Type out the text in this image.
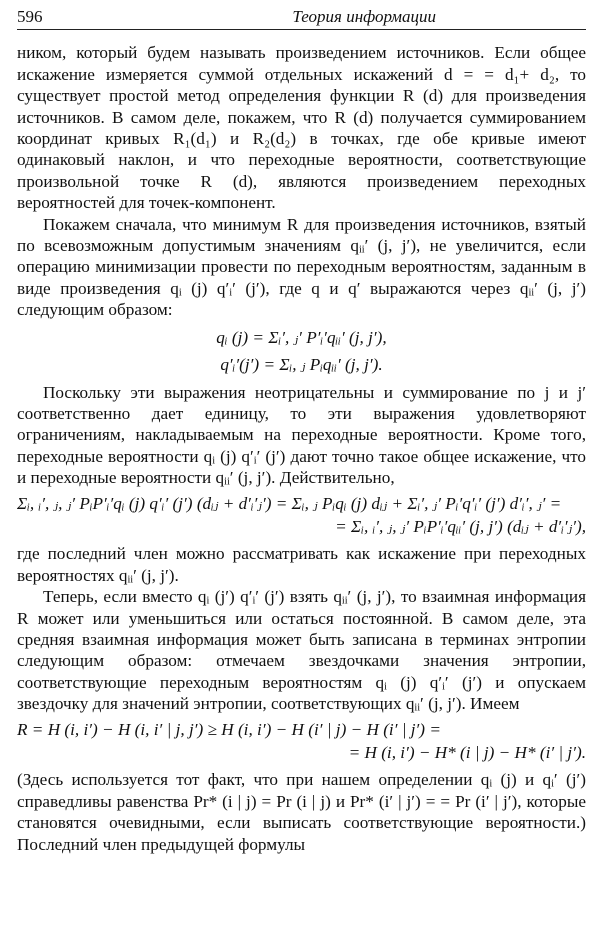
596	Теория информации

ником, который будем называть произведением источников. Если общее искажение измеряется суммой отдельных искажений d = = d₁+ d₂, то существует простой метод определения функции R (d) для произведения источников. В самом деле, покажем, что R (d) получается суммированием координат кривых R₁(d₁) и R₂(d₂) в точках, где обе кривые имеют одинаковый наклон, и что переходные вероятности, соответствующие произвольной точке R (d), являются произведением переходных вероятностей для точек-компонент.

Покажем сначала, что минимум R для произведения источников, взятый по всевозможным допустимым значениям qᵢᵢ′ (j, j′), не увеличится, если операцию минимизации провести по переходным вероятностям, заданным в виде произведения qᵢ (j) q′ᵢ′ (j′), где q и q′ выражаются через qᵢᵢ′ (j, j′) следующим образом:

qᵢ (j) = Σᵢ′, ⱼ′ P′ᵢ′qᵢᵢ′ (j, j′),
q′ᵢ′(j′) = Σᵢ, ⱼ Pᵢqᵢᵢ′ (j, j′).

Поскольку эти выражения неотрицательны и суммирование по j и j′ соответственно дает единицу, то эти выражения удовлетворяют ограничениям, накладываемым на переходные вероятности. Кроме того, переходные вероятности qᵢ (j) q′ᵢ′ (j′) дают точно такое общее искажение, что и переходные вероятности qᵢᵢ′ (j, j′). Действительно,

Σᵢ, ᵢ′, ⱼ, ⱼ′ PᵢP′ᵢ′qᵢ (j) q′ᵢ′ (j′) (dᵢⱼ + d′ᵢ′ⱼ′) = Σᵢ, ⱼ Pᵢqᵢ (j) dᵢⱼ + Σᵢ′, ⱼ′ Pᵢ′q′ᵢ′ (j′) d′ᵢ′, ⱼ′ =
= Σᵢ, ᵢ′, ⱼ, ⱼ′ PᵢP′ᵢ′qᵢᵢ′ (j, j′) (dᵢⱼ + d′ᵢ′ⱼ′),

где последний член можно рассматривать как искажение при переходных вероятностях qᵢᵢ′ (j, j′).

Теперь, если вместо qᵢ (j′) q′ᵢ′ (j′) взять qᵢᵢ′ (j, j′), то взаимная информация R может или уменьшиться или остаться постоянной. В самом деле, эта средняя взаимная информация может быть записана в терминах энтропии следующим образом: отмечаем звездочками значения энтропии, соответствующие переходным вероятностям qᵢ (j) q′ᵢ′ (j′) и опускаем звездочку для значений энтропии, соответствующих qᵢᵢ′ (j, j′). Имеем

R = H (i, i′) − H (i, i′ | j, j′) ≥ H (i, i′) − H (i′ | j) − H (i′ | j′) =
= H (i, i′) − H* (i | j) − H* (i′ | j′).

(Здесь используется тот факт, что при нашем определении qᵢ (j) и qᵢ′ (j′) справедливы равенства Pr* (i | j) = Pr (i | j) и Pr* (i′ | j′) = = Pr (i′ | j′), которые становятся очевидными, если выписать соответствующие вероятности.) Последний член предыдущей формулы
